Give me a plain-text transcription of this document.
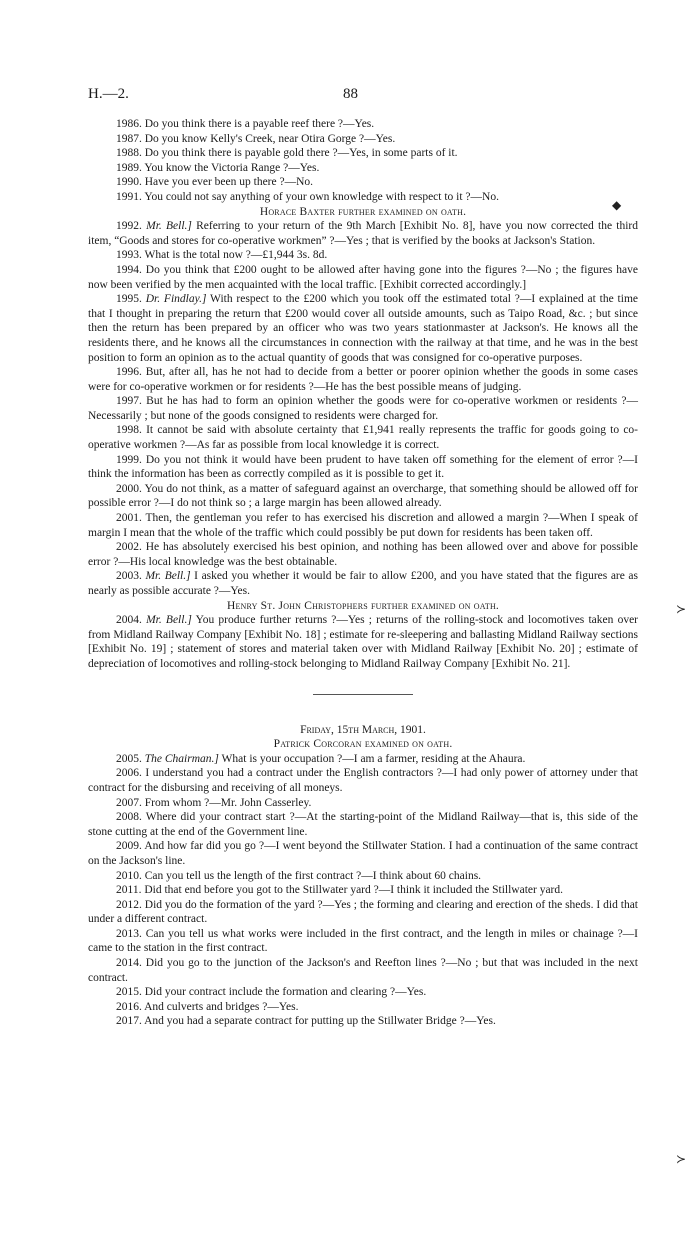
H.—2.	88

1986. Do you think there is a payable reef there ?—Yes.

1987. Do you know Kelly's Creek, near Otira Gorge ?—Yes.

1988. Do you think there is payable gold there ?—Yes, in some parts of it.

1989. You know the Victoria Range ?—Yes.

1990. Have you ever been up there ?—No.

1991. You could not say anything of your own knowledge with respect to it ?—No.

Horace Baxter further examined on oath.

1992. Mr. Bell.] Referring to your return of the 9th March [Exhibit No. 8], have you now corrected the third item, “Goods and stores for co-operative workmen” ?—Yes ; that is verified by the books at Jackson's Station.

1993. What is the total now ?—£1,944 3s. 8d.

1994. Do you think that £200 ought to be allowed after having gone into the figures ?—No ; the figures have now been verified by the men acquainted with the local traffic. [Exhibit corrected accordingly.]

1995. Dr. Findlay.] With respect to the £200 which you took off the estimated total ?—I explained at the time that I thought in preparing the return that £200 would cover all outside amounts, such as Taipo Road, &c. ; but since then the return has been prepared by an officer who was two years stationmaster at Jackson's. He knows all the residents there, and he knows all the circumstances in connection with the railway at that time, and he was in the best position to form an opinion as to the actual quantity of goods that was consigned for co-operative purposes.

1996. But, after all, has he not had to decide from a better or poorer opinion whether the goods in some cases were for co-operative workmen or for residents ?—He has the best possible means of judging.

1997. But he has had to form an opinion whether the goods were for co-operative workmen or residents ?—Necessarily ; but none of the goods consigned to residents were charged for.

1998. It cannot be said with absolute certainty that £1,941 really represents the traffic for goods going to co-operative workmen ?—As far as possible from local knowledge it is correct.

1999. Do you not think it would have been prudent to have taken off something for the element of error ?—I think the information has been as correctly compiled as it is possible to get it.

2000. You do not think, as a matter of safeguard against an overcharge, that something should be allowed off for possible error ?—I do not think so ; a large margin has been allowed already.

2001. Then, the gentleman you refer to has exercised his discretion and allowed a margin ?—When I speak of margin I mean that the whole of the traffic which could possibly be put down for residents has been taken off.

2002. He has absolutely exercised his best opinion, and nothing has been allowed over and above for possible error ?—His local knowledge was the best obtainable.

2003. Mr. Bell.] I asked you whether it would be fair to allow £200, and you have stated that the figures are as nearly as possible accurate ?—Yes.

Henry St. John Christophers further examined on oath.

2004. Mr. Bell.] You produce further returns ?—Yes ; returns of the rolling-stock and locomotives taken over from Midland Railway Company [Exhibit No. 18] ; estimate for re-sleepering and ballasting Midland Railway sections [Exhibit No. 19] ; statement of stores and material taken over with Midland Railway [Exhibit No. 20] ; estimate of depreciation of locomotives and rolling-stock belonging to Midland Railway Company [Exhibit No. 21].

Friday, 15th March, 1901.

Patrick Corcoran examined on oath.

2005. The Chairman.] What is your occupation ?—I am a farmer, residing at the Ahaura.

2006. I understand you had a contract under the English contractors ?—I had only power of attorney under that contract for the disbursing and receiving of all moneys.

2007. From whom ?—Mr. John Casserley.

2008. Where did your contract start ?—At the starting-point of the Midland Railway—that is, this side of the stone cutting at the end of the Government line.

2009. And how far did you go ?—I went beyond the Stillwater Station. I had a continuation of the same contract on the Jackson's line.

2010. Can you tell us the length of the first contract ?—I think about 60 chains.

2011. Did that end before you got to the Stillwater yard ?—I think it included the Stillwater yard.

2012. Did you do the formation of the yard ?—Yes ; the forming and clearing and erection of the sheds. I did that under a different contract.

2013. Can you tell us what works were included in the first contract, and the length in miles or chainage ?—I came to the station in the first contract.

2014. Did you go to the junction of the Jackson's and Reefton lines ?—No ; but that was included in the next contract.

2015. Did your contract include the formation and clearing ?—Yes.

2016. And culverts and bridges ?—Yes.

2017. And you had a separate contract for putting up the Stillwater Bridge ?—Yes.

◆
≻
≻
